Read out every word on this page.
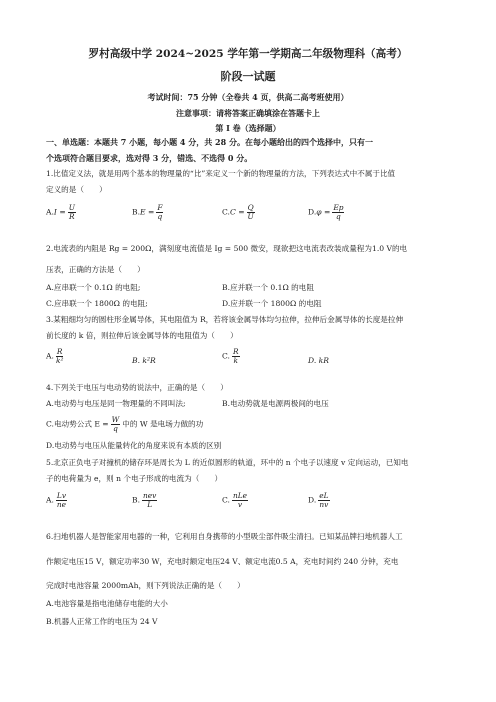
罗村高级中学 2024~2025 学年第一学期高二年级物理科（高考）
阶段一试题
考试时间：75 分钟（全卷共 4 页，供高二高考班使用）
注意事项：请将答案正确填涂在答题卡上
第 I 卷（选择题）
一、单选题：本题共 7 小题，每小题 4 分，共 28 分。在每小题给出的四个选择中，只有一
个选项符合题目要求，选对得 3 分，错选、不选得 0 分。
1.比值定义法，就是用两个基本的物理量的“比”来定义一个新的物理量的方法，下列表达式中不属于比值
定义的是（　　）
$A.I = \frac{U}{R}$	$B.E = \frac{F}{q}$	$C.C = \frac{Q}{U}$	$D.\varphi = \frac{Ep}{q}$
2.电流表的内阻是 Rg = 200Ω，满刻度电流值是 Ig = 500 微安，现欲把这电流表改装成量程为1.0 V的电
压表，正确的方法是（　　）
A.应串联一个 0.1Ω 的电阻;	B.应并联一个 0.1Ω 的电阻
C.应串联一个 1800Ω 的电阻;	D.应并联一个 1800Ω 的电阻
3.某粗细均匀的圆柱形金属导体，其电阻值为 R，若将该金属导体均匀拉伸，拉伸后金属导体的长度是拉伸
前长度的 k 倍，则拉伸后该金属导体的电阻值为（　　）
A. $\frac{R}{\text{k²}}$	B. k²R	C. $\frac{R}{k}$	D. kR
4.下列关于电压与电动势的说法中，正确的是（　　）
A.电动势与电压是同一物理量的不同叫法;	B.电动势就是电源两极间的电压
C.电动势公式 $E = \frac{W}{q}$ 中的 W 是电场力做的功
D.电动势与电压从能量转化的角度来说有本质的区别
5.北京正负电子对撞机的储存环是周长为 L 的近似圆形的轨道，环中的 n 个电子以速度 v 定向运动，已知电
子的电荷量为 e，则 n 个电子形成的电流为（　　）
A. $\frac{Lv}{ne}$	B. nev
L	C. nLe
v	D. $\frac{eL}{nv}$
6.扫地机器人是智能家用电器的一种，它利用自身携带的小型吸尘部件吸尘清扫。已知某品牌扫地机器人工
作额定电压15 V，额定功率30 W，充电时额定电压24 V、额定电流0.5 A，充电时间约 240 分钟，充电
完成时电池容量 2000mAh，则下列说法正确的是（　　）
A.电池容量是指电池储存电能的大小
B.机器人正常工作的电压为 24 V
